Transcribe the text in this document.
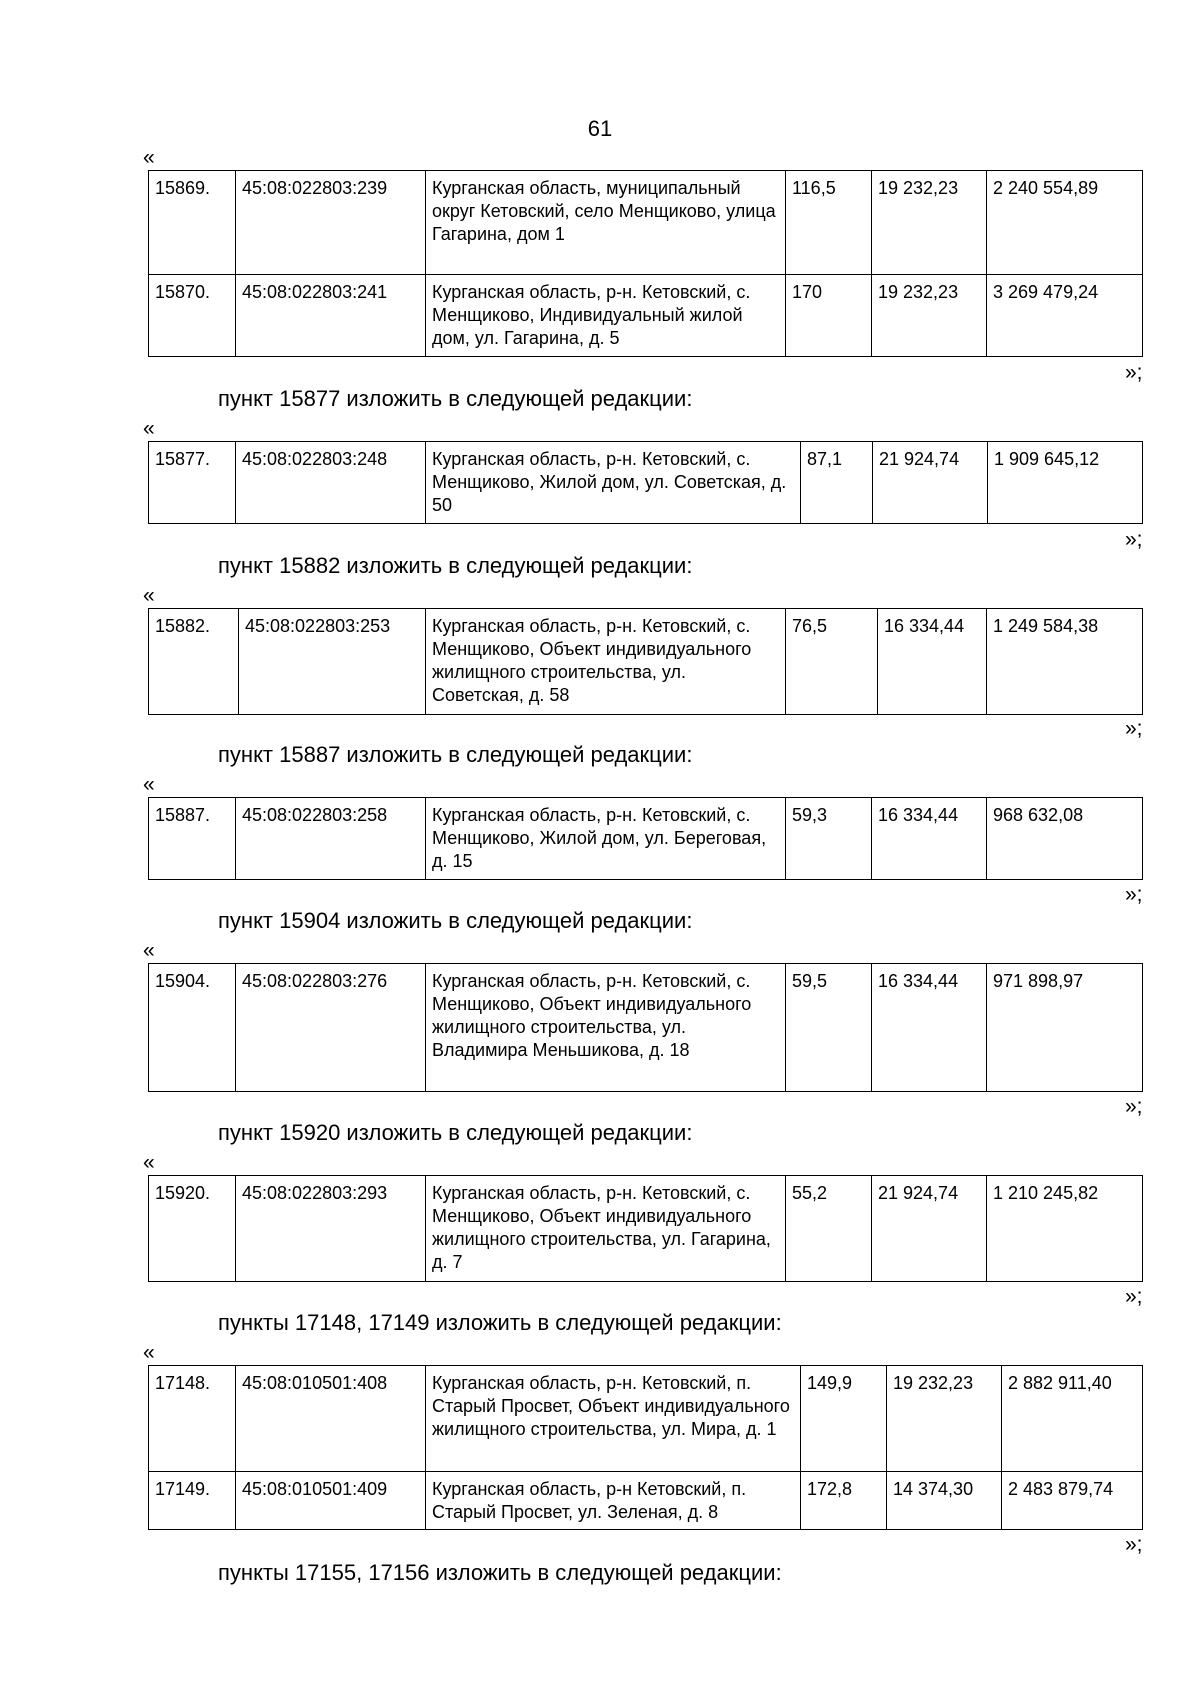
61
«
15869.	45:08:022803:239	Курганская область, муниципальный округ Кетовский, село Менщиково, улица Гагарина, дом 1	116,5	19 232,23	2 240 554,89
15870.	45:08:022803:241	Курганская область, р-н. Кетовский, с. Менщиково, Индивидуальный жилой дом, ул. Гагарина, д. 5	170	19 232,23	3 269 479,24
»;
пункт 15877 изложить в следующей редакции:
«
15877.	45:08:022803:248	Курганская область, р-н. Кетовский, с. Менщиково, Жилой дом, ул. Советская, д. 50	87,1	21 924,74	1 909 645,12
»;
пункт 15882 изложить в следующей редакции:
«
15882.	45:08:022803:253	Курганская область, р-н. Кетовский, с. Менщиково, Объект индивидуального жилищного строительства, ул. Советская, д. 58	76,5	16 334,44	1 249 584,38
»;
пункт 15887 изложить в следующей редакции:
«
15887.	45:08:022803:258	Курганская область, р-н. Кетовский, с. Менщиково, Жилой дом, ул. Береговая, д. 15	59,3	16 334,44	968 632,08
»;
пункт 15904 изложить в следующей редакции:
«
15904.	45:08:022803:276	Курганская область, р-н. Кетовский, с. Менщиково, Объект индивидуального жилищного строительства, ул. Владимира Меньшикова, д. 18	59,5	16 334,44	971 898,97
»;
пункт 15920 изложить в следующей редакции:
«
15920.	45:08:022803:293	Курганская область, р-н. Кетовский, с. Менщиково, Объект индивидуального жилищного строительства, ул. Гагарина, д. 7	55,2	21 924,74	1 210 245,82
»;
пункты 17148, 17149 изложить в следующей редакции:
«
17148.	45:08:010501:408	Курганская область, р-н. Кетовский, п. Старый Просвет, Объект индивидуального жилищного строительства, ул. Мира, д. 1	149,9	19 232,23	2 882 911,40
17149.	45:08:010501:409	Курганская область, р-н Кетовский, п. Старый Просвет, ул. Зеленая, д. 8	172,8	14 374,30	2 483 879,74
»;
пункты 17155, 17156 изложить в следующей редакции:
